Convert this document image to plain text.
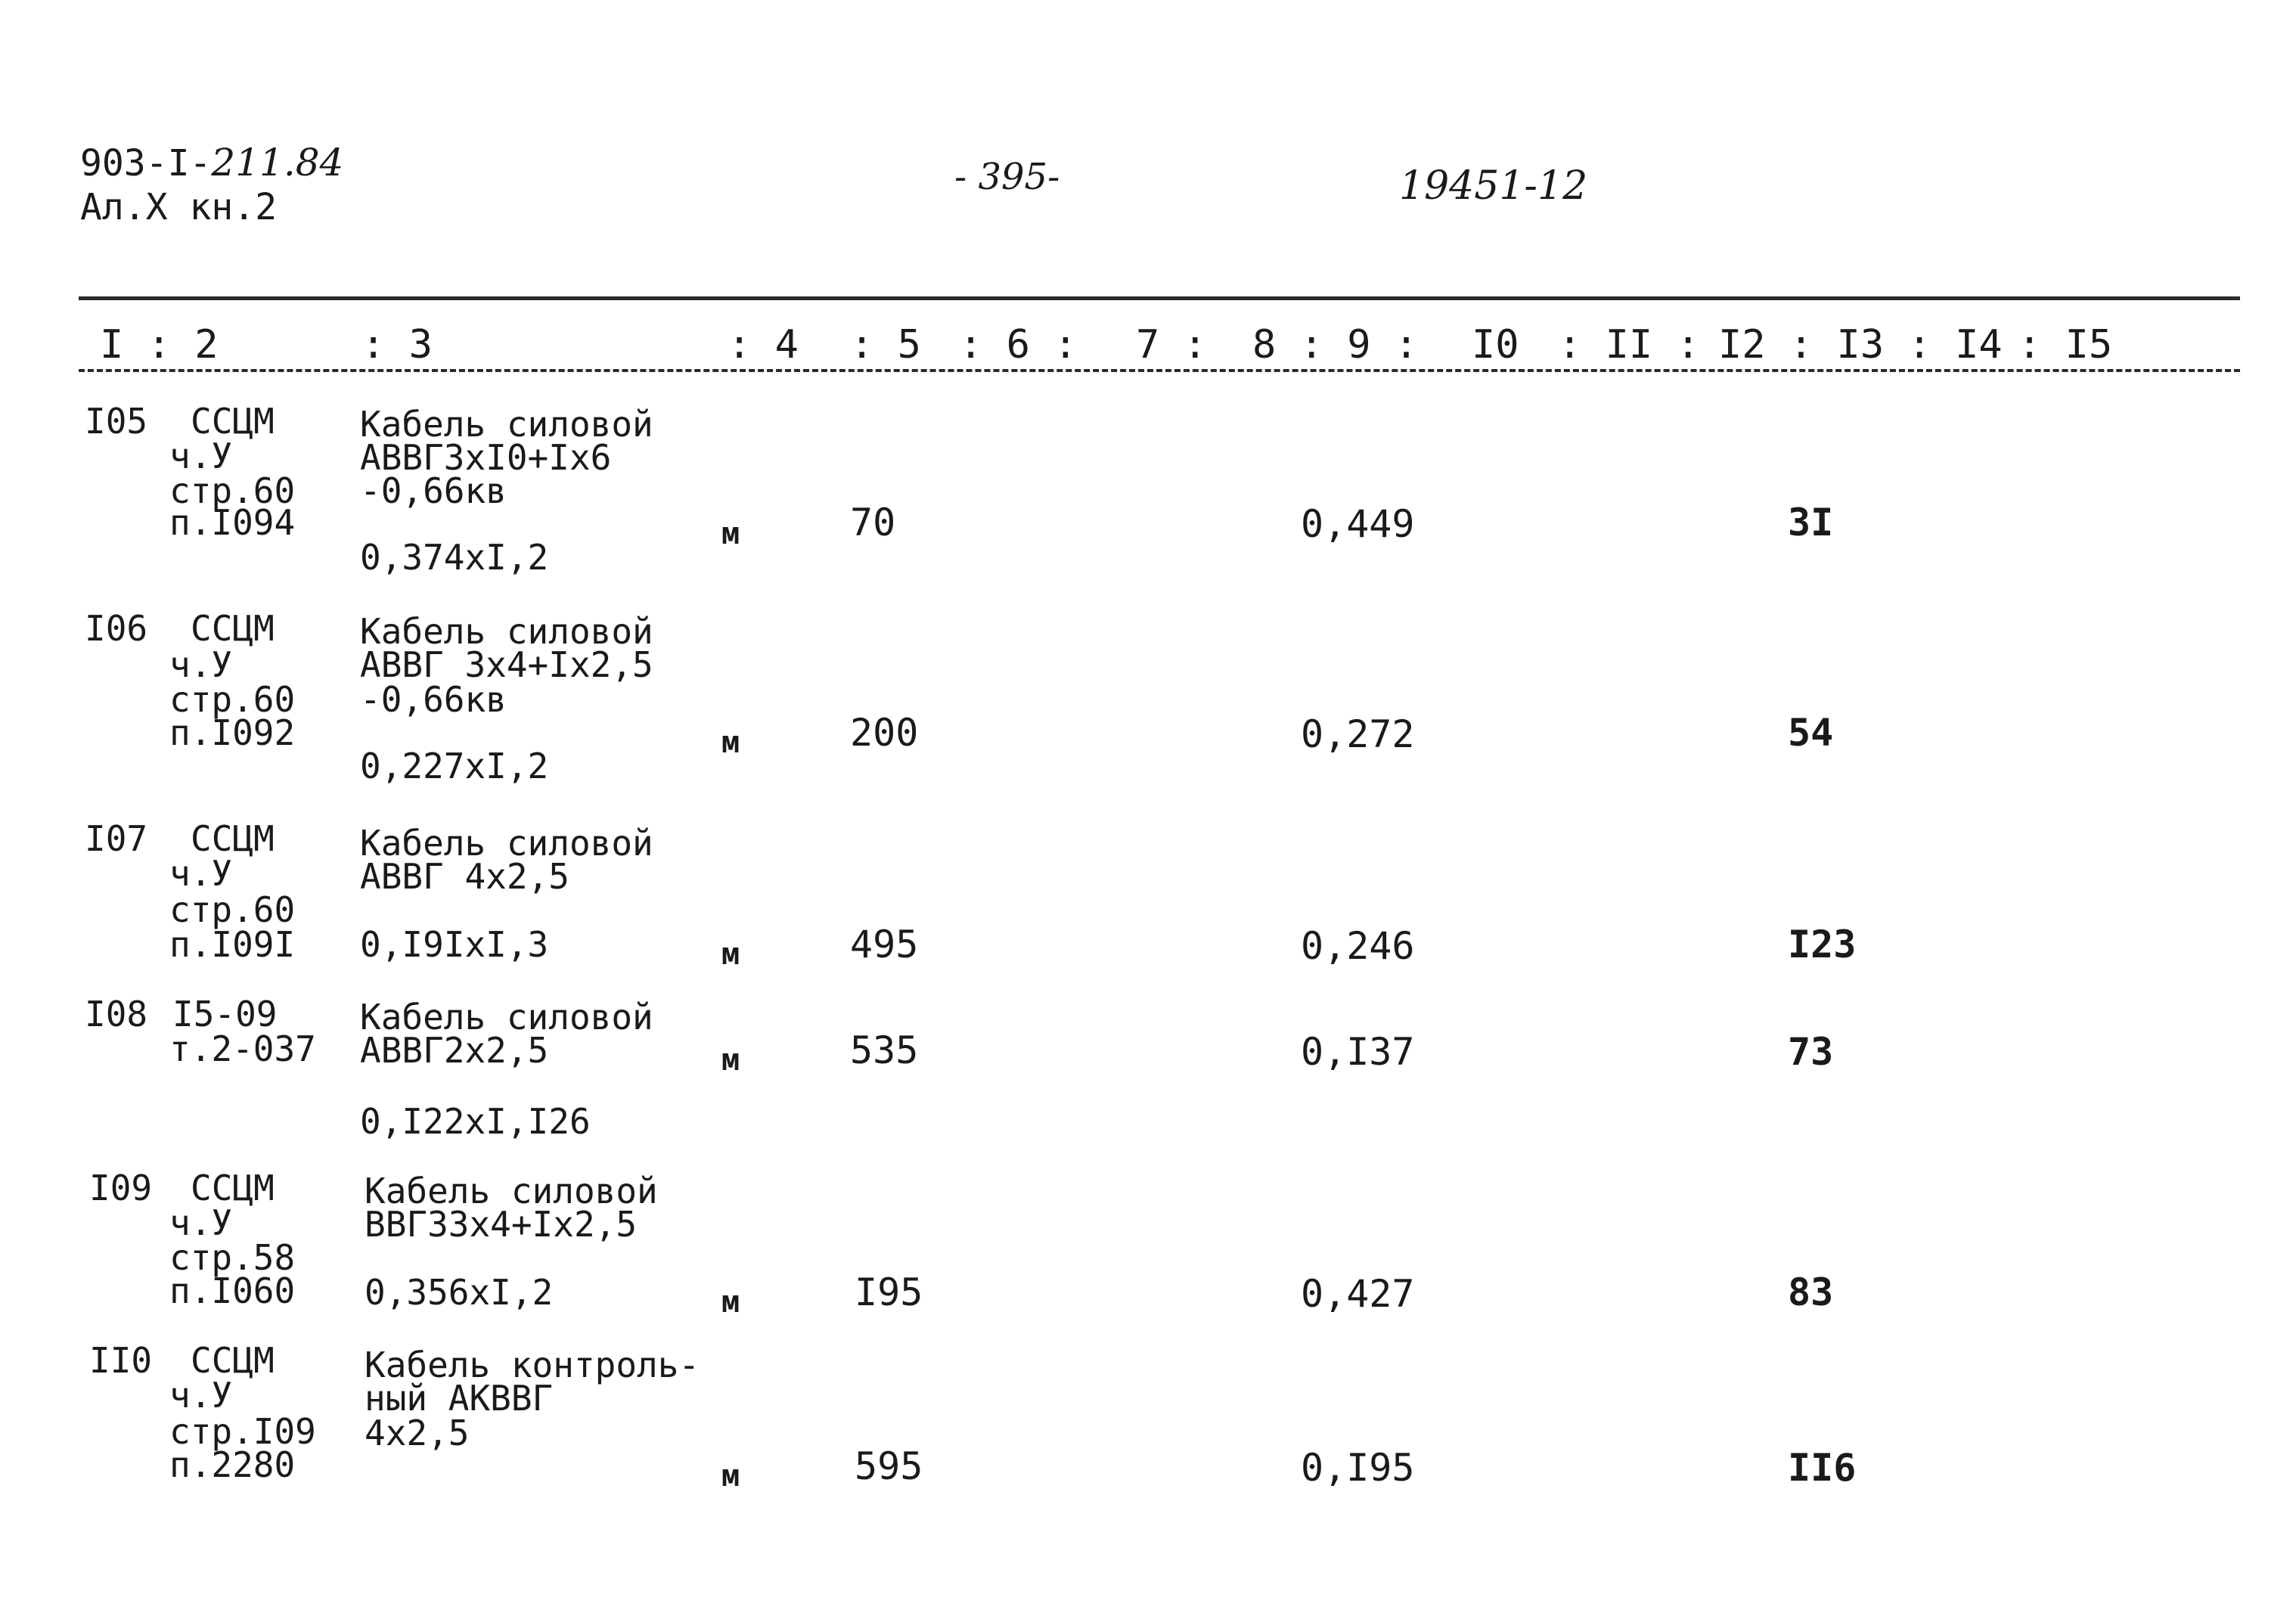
903-I-211.84
Ал.Х кн.2
- 395-	19451-12
I : 2	: 3	: 4 : 5 : 6 : 7 : 8 : 9 : I0 : II : I2 : I3 : I4 : I5
I05 ССЦМ
ч.У
стр.60
п.I094
Кабель силовой
АВВГ3хI0+Iх6
-0,66кв
0,374хI,2
м	70	0,449	3I
I06 ССЦМ
ч.У
стр.60
п.I092
Кабель силовой
АВВГ 3х4+Iх2,5
-0,66кв
0,227хI,2
м	200	0,272	54
I07 ССЦМ
ч.У
стр.60
п.I09I
Кабель силовой
АВВГ 4х2,5
0,I9IхI,3	м	495	0,246	I23
I08 I5-09
т.2-037
Кабель силовой
АВВГ2х2,5
0,I22хI,I26
м	535	0,I37	73
I09 ССЦМ
ч.У
стр.58
п.I060
Кабель силовой
ВВГЗ3х4+Iх2,5
0,356хI,2	м	I95	0,427	83
II0 ССЦМ
ч.У
стр.I09
п.2280
Кабель контроль-
ный АКВВГ
4х2,5
м	595	0,I95	II6
